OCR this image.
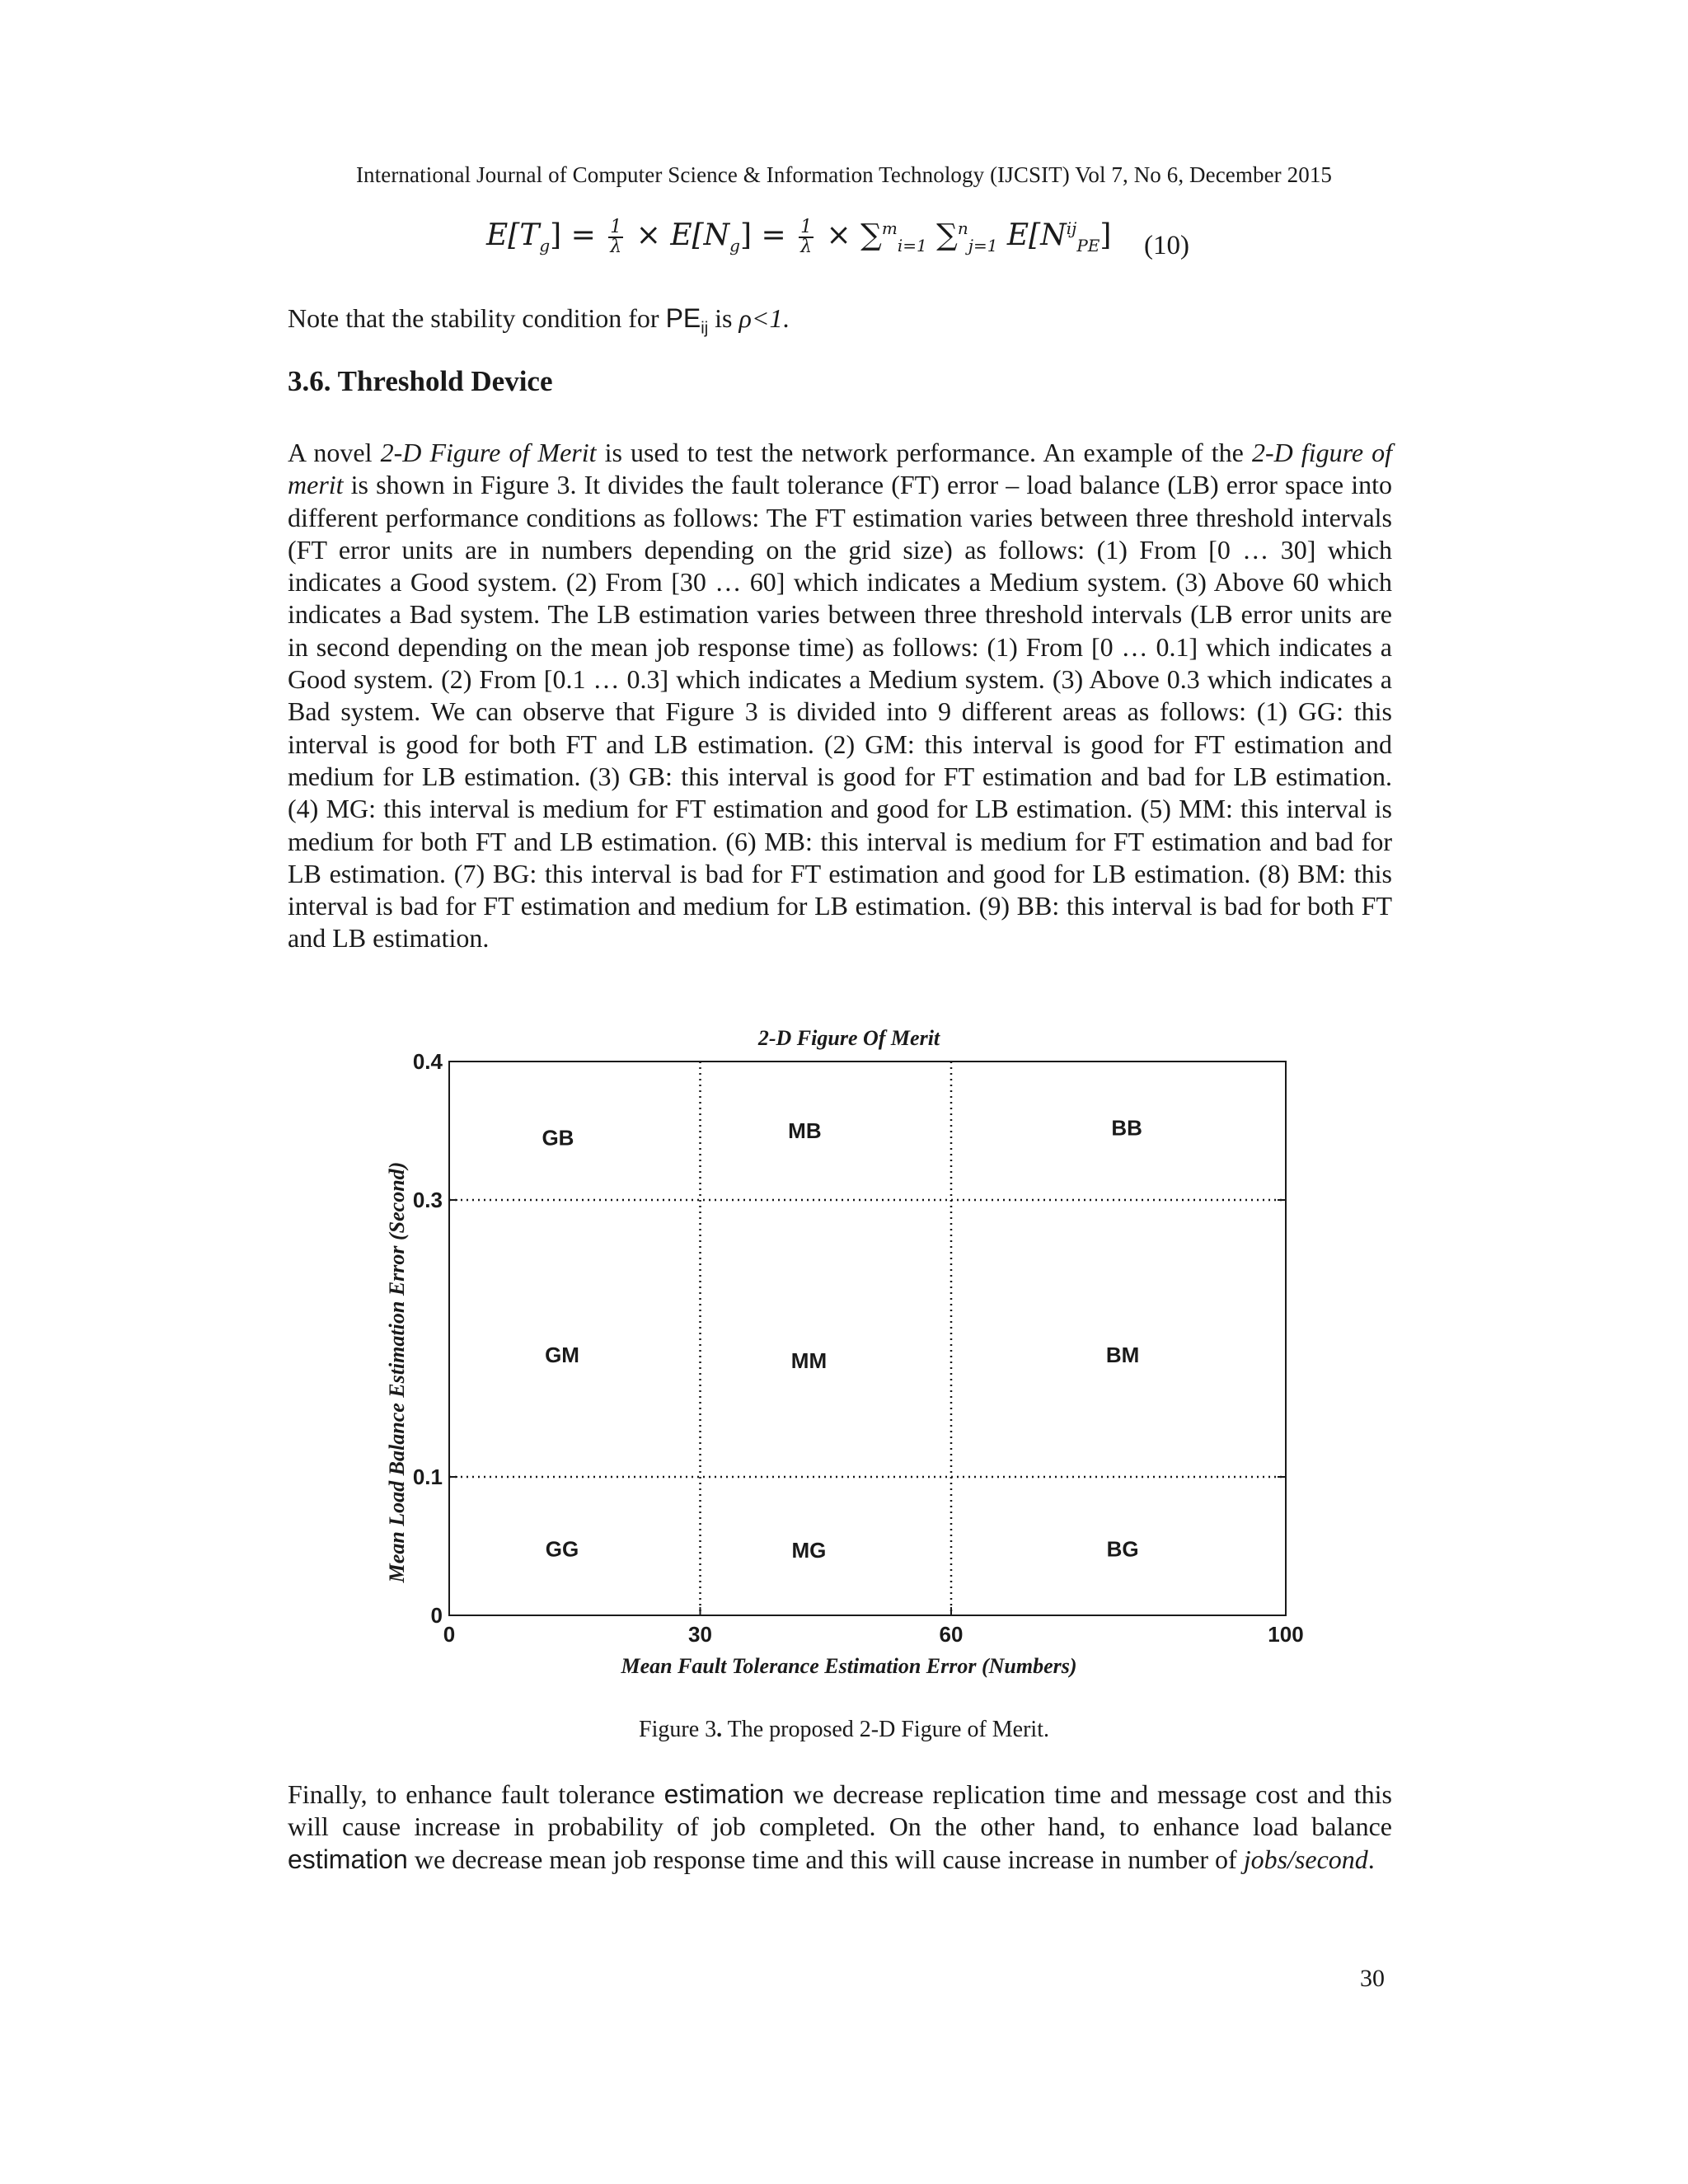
International Journal of Computer Science & Information Technology (IJCSIT) Vol 7, No 6, December 2015
$E[T_g] = \frac{1}{\lambda} \times E[N_g] = \frac{1}{\lambda} \times \sum^m_{i=1}$ ∑$^n_{j=1}$ $E[N^{ij}_{PE}]$ (10)
Note that the stability condition for $PE_{ij}$ is ρ<1.
3.6. Threshold Device
A novel 2-D Figure of Merit is used to test the network performance. An example of the 2-D figure of merit is shown in Figure 3. It divides the fault tolerance (FT) error – load balance (LB) error space into different performance conditions as follows: The FT estimation varies between three threshold intervals (FT error units are in numbers depending on the grid size) as follows: (1) From [0 … 30] which indicates a Good system. (2) From [30 … 60] which indicates a Medium system. (3) Above 60 which indicates a Bad system. The LB estimation varies between three threshold intervals (LB error units are in second depending on the mean job response time) as follows: (1) From [0 … 0.1] which indicates a Good system. (2) From [0.1 … 0.3] which indicates a Medium system. (3) Above 0.3 which indicates a Bad system. We can observe that Figure 3 is divided into 9 different areas as follows: (1) GG: this interval is good for both FT and LB estimation. (2) GM: this interval is good for FT estimation and medium for LB estimation. (3) GB: this interval is good for FT estimation and bad for LB estimation. (4) MG: this interval is medium for FT estimation and good for LB estimation. (5) MM: this interval is medium for both FT and LB estimation. (6) MB: this interval is medium for FT estimation and bad for LB estimation. (7) BG: this interval is bad for FT estimation and good for LB estimation. (8) BM: this interval is bad for FT estimation and medium for LB estimation. (9) BB: this interval is bad for both FT and LB estimation.
2-D Figure Of Merit
Mean Fault Tolerance Estimation Error (Numbers)
Mean Load Balance Estimation Error (Second)
0	30	60	100
0
0.1
0.3
0.4
GB	MB	BB
GM	MM	BM
GG	MG	BG
Figure 3. The proposed 2-D Figure of Merit.
Finally, to enhance fault tolerance estimation we decrease replication time and message cost and this will cause increase in probability of job completed. On the other hand, to enhance load balance estimation we decrease mean job response time and this will cause increase in number of jobs/second.
30
